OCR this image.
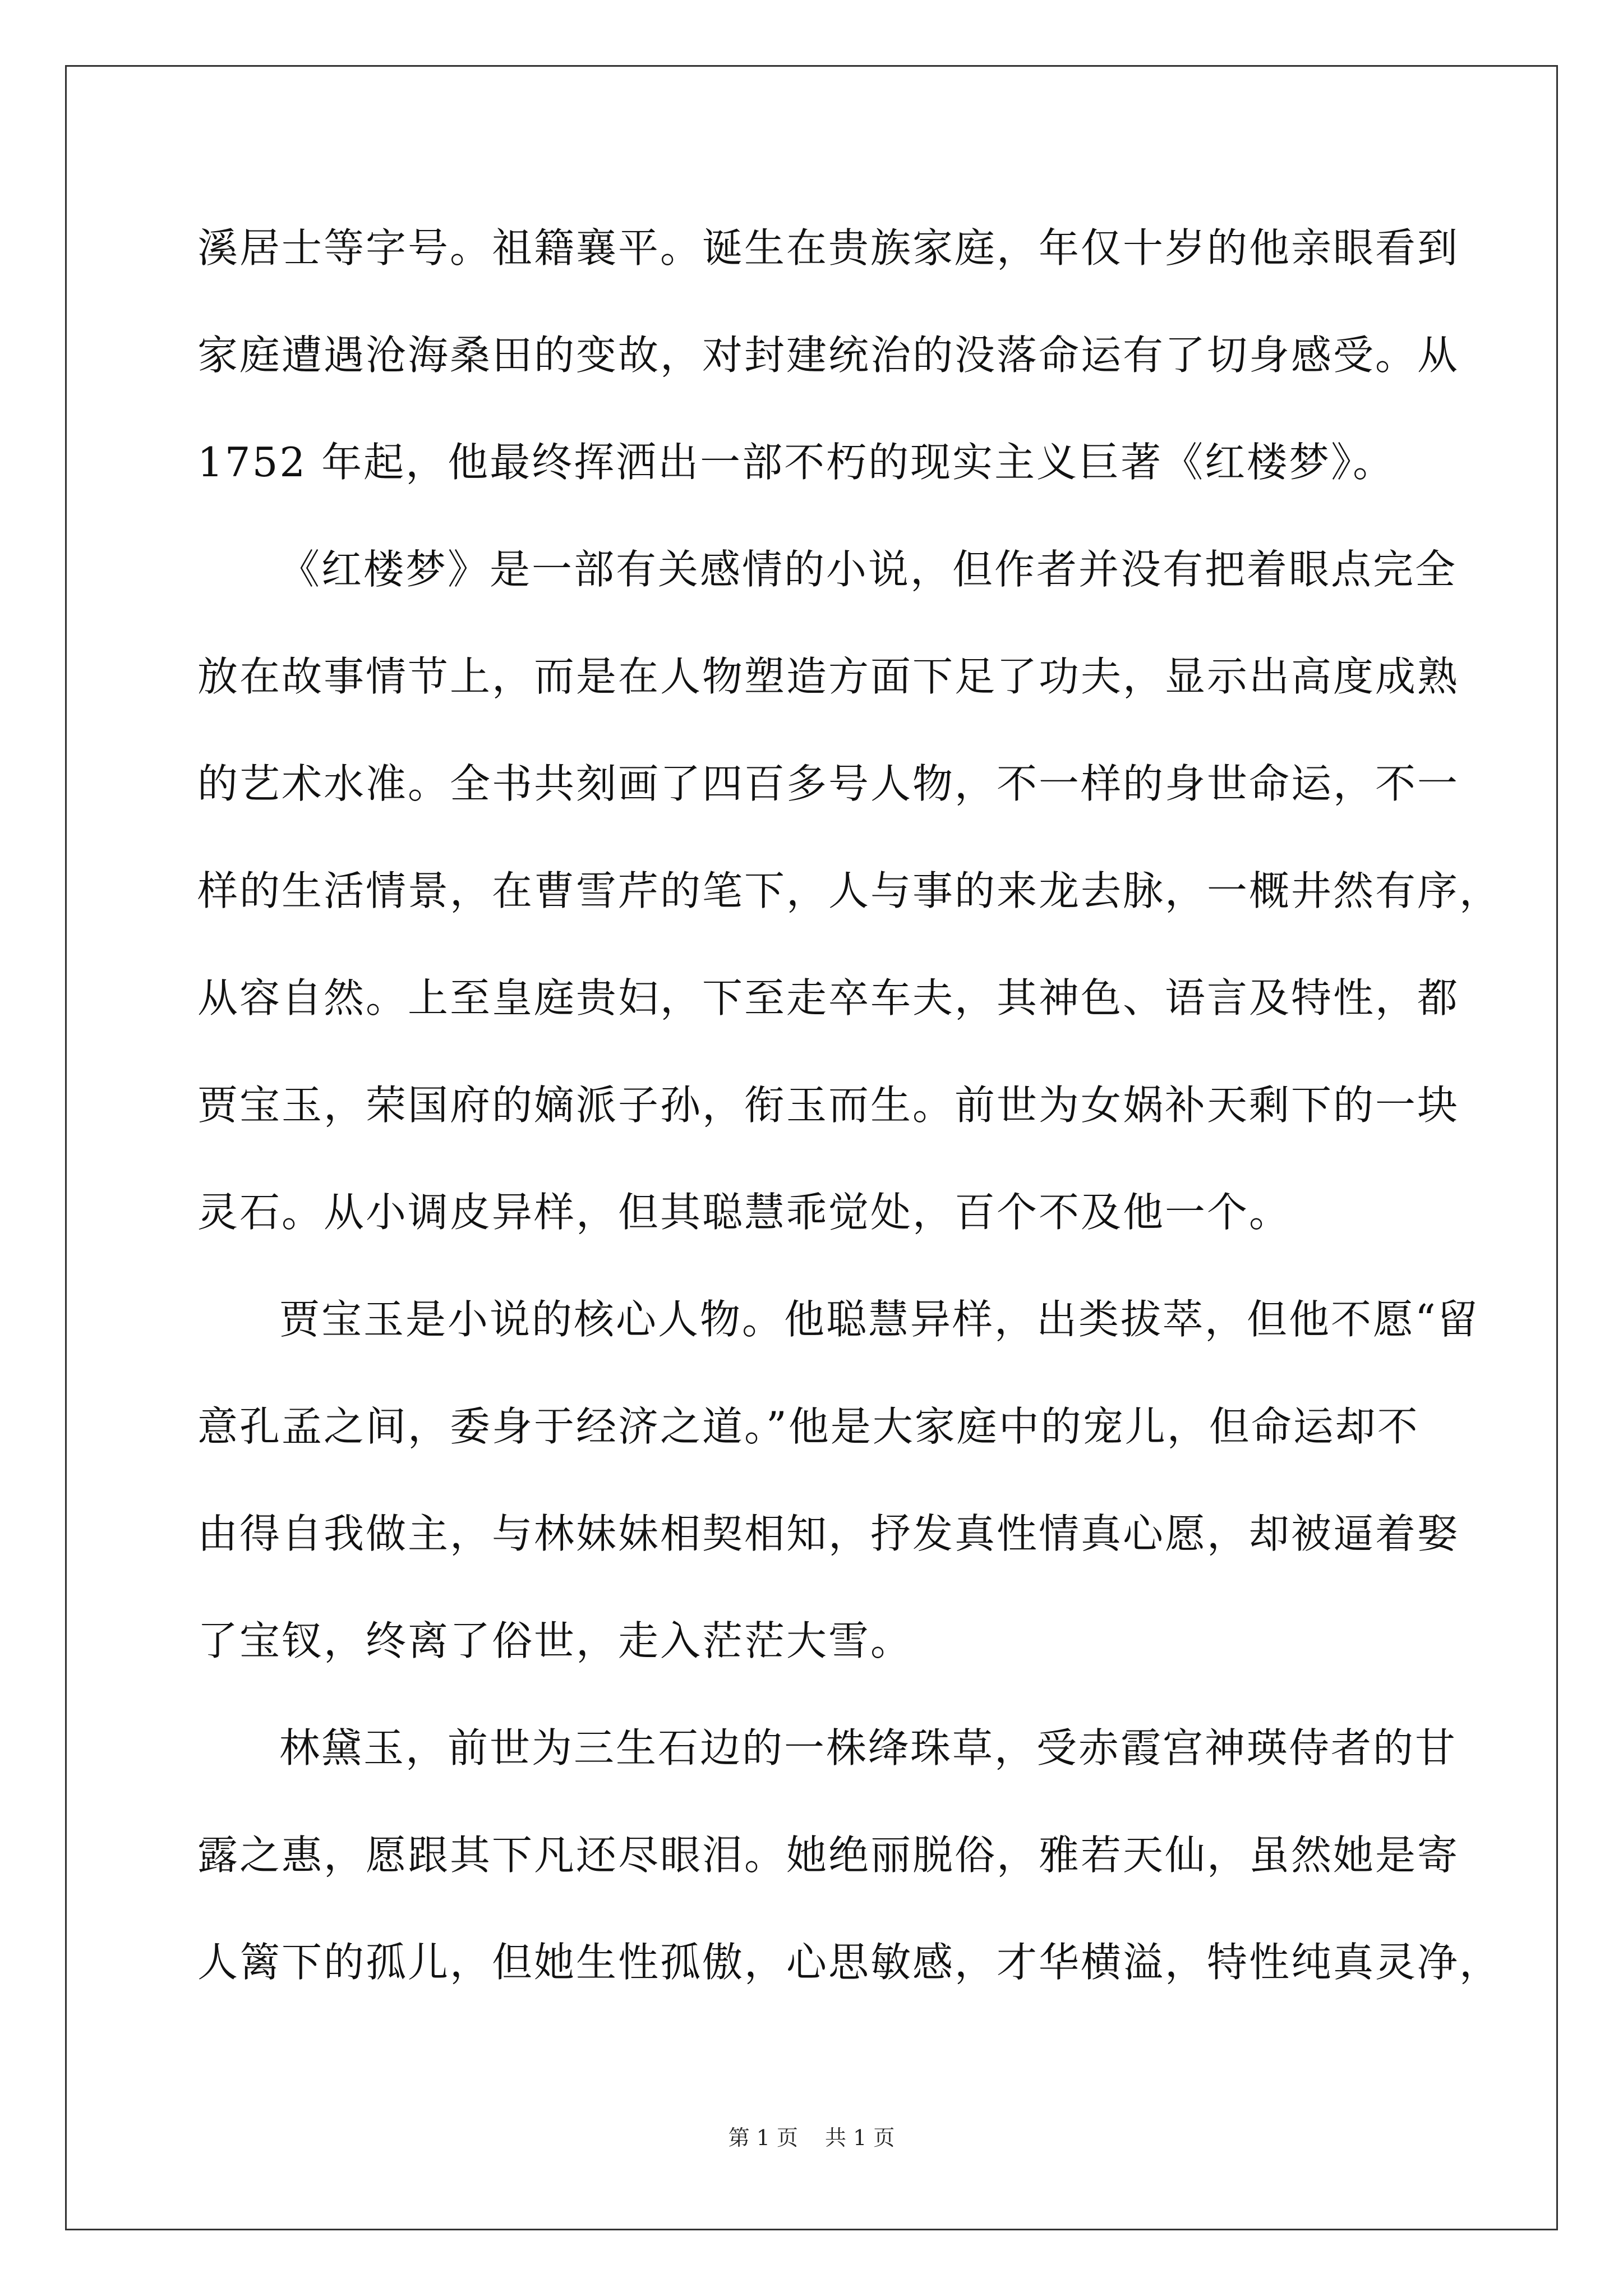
溪居士等字号。祖籍襄平。诞生在贵族家庭，年仅十岁的他亲眼看到
家庭遭遇沧海桑田的变故，对封建统治的没落命运有了切身感受。从
1752 年起，他最终挥洒出一部不朽的现实主义巨著《红楼梦》。
《红楼梦》是一部有关感情的小说，但作者并没有把着眼点完全
放在故事情节上，而是在人物塑造方面下足了功夫，显示出高度成熟
的艺术水准。全书共刻画了四百多号人物，不一样的身世命运，不一
样的生活情景，在曹雪芹的笔下，人与事的来龙去脉，一概井然有序，
从容自然。上至皇庭贵妇，下至走卒车夫，其神色、语言及特性，都
贾宝玉，荣国府的嫡派子孙，衔玉而生。前世为女娲补天剩下的一块
灵石。从小调皮异样，但其聪慧乖觉处，百个不及他一个。
贾宝玉是小说的核心人物。他聪慧异样，出类拔萃，但他不愿“留
意孔孟之间，委身于经济之道。”他是大家庭中的宠儿，但命运却不
由得自我做主，与林妹妹相契相知，抒发真性情真心愿，却被逼着娶
了宝钗，终离了俗世，走入茫茫大雪。
林黛玉，前世为三生石边的一株绛珠草，受赤霞宫神瑛侍者的甘
露之惠，愿跟其下凡还尽眼泪。她绝丽脱俗，雅若天仙，虽然她是寄
人篱下的孤儿，但她生性孤傲，心思敏感，才华横溢，特性纯真灵净，
第 1 页 共 1 页
